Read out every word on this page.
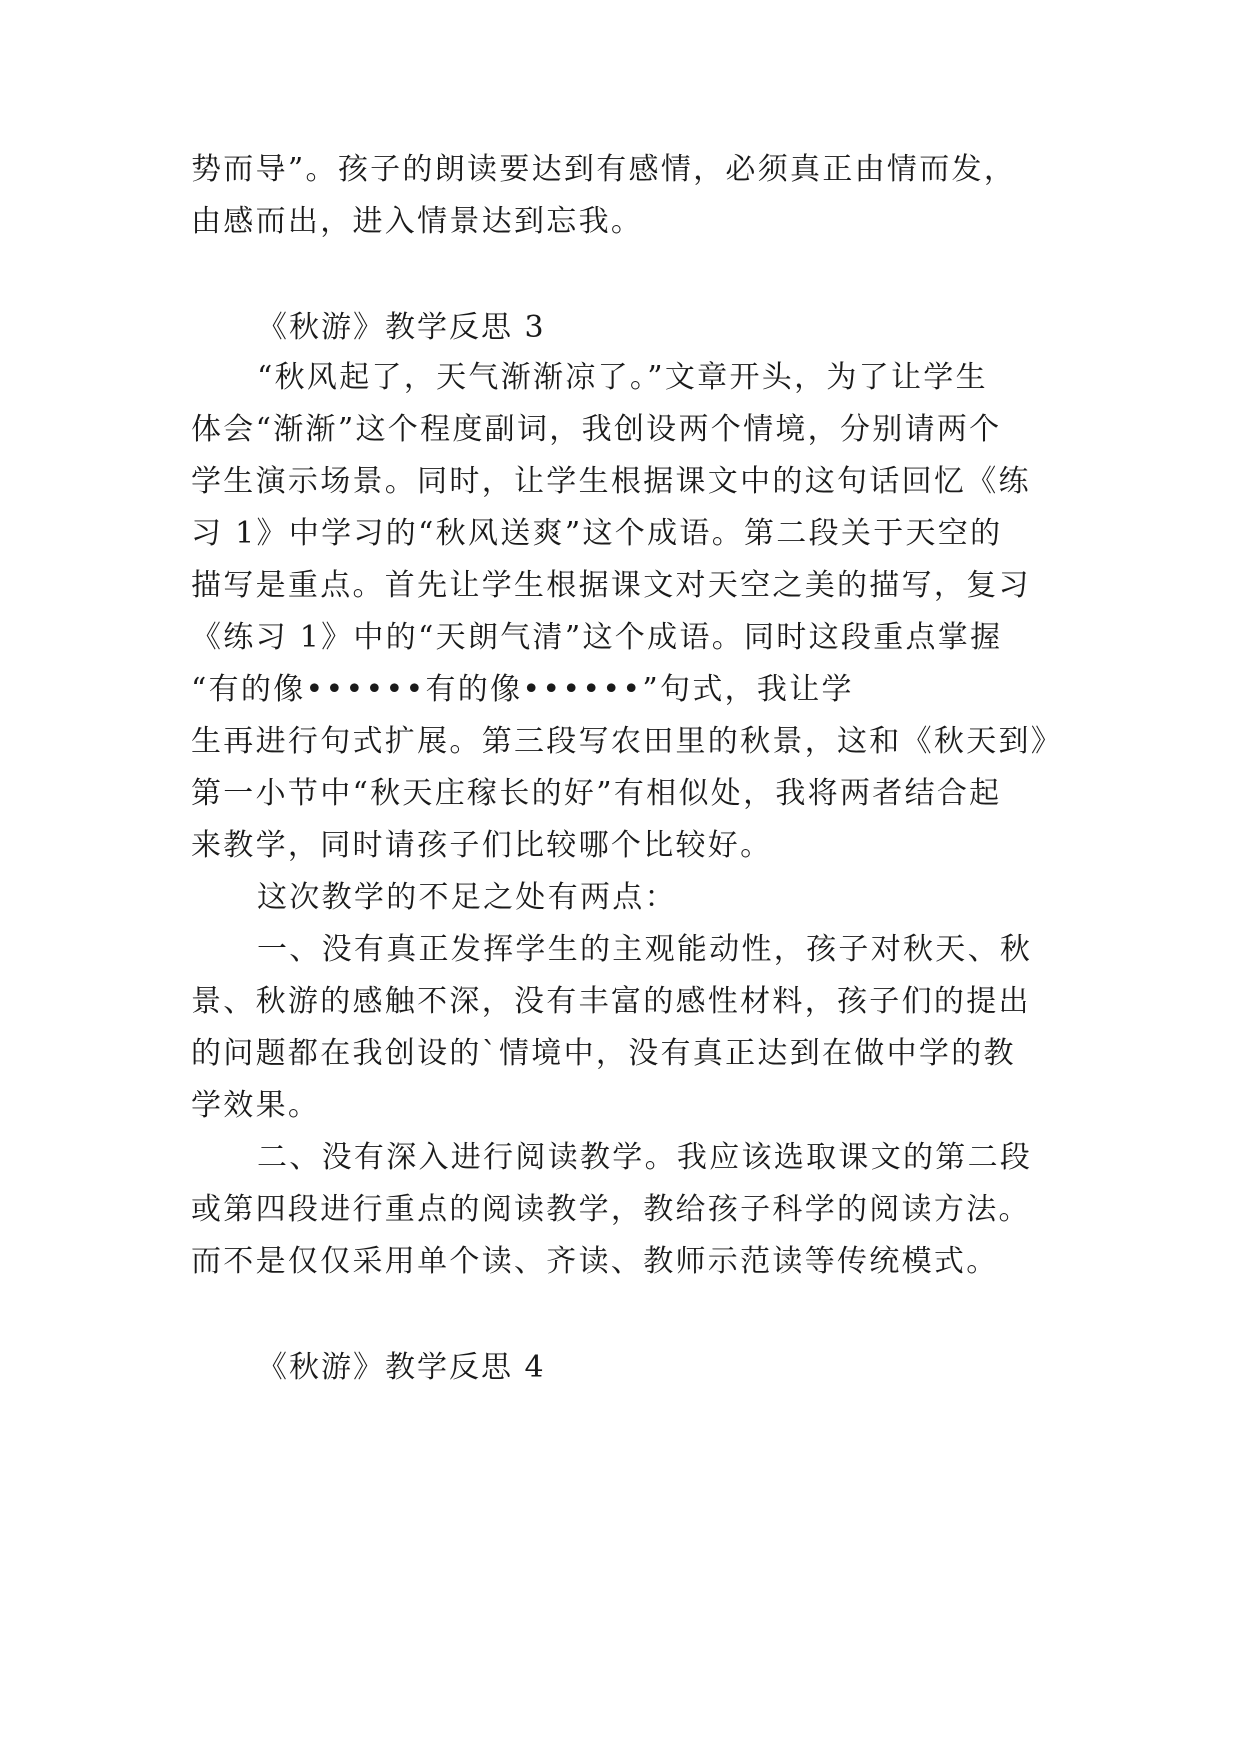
势而导”。孩子的朗读要达到有感情，必须真正由情而发，
由感而出，进入情景达到忘我。
《秋游》教学反思 3
“秋风起了，天气渐渐凉了。”文章开头，为了让学生
体会“渐渐”这个程度副词，我创设两个情境，分别请两个
学生演示场景。同时，让学生根据课文中的这句话回忆《练
习 1》中学习的“秋风送爽”这个成语。第二段关于天空的
描写是重点。首先让学生根据课文对天空之美的描写，复习
《练习 1》中的“天朗气清”这个成语。同时这段重点掌握
“有的像••••••有的像••••••”句式，我让学
生再进行句式扩展。第三段写农田里的秋景，这和《秋天到》
第一小节中“秋天庄稼长的好”有相似处，我将两者结合起
来教学，同时请孩子们比较哪个比较好。
这次教学的不足之处有两点：
一、没有真正发挥学生的主观能动性，孩子对秋天、秋
景、秋游的感触不深，没有丰富的感性材料，孩子们的提出
的问题都在我创设的`情境中，没有真正达到在做中学的教
学效果。
二、没有深入进行阅读教学。我应该选取课文的第二段
或第四段进行重点的阅读教学，教给孩子科学的阅读方法。
而不是仅仅采用单个读、齐读、教师示范读等传统模式。
《秋游》教学反思 4
